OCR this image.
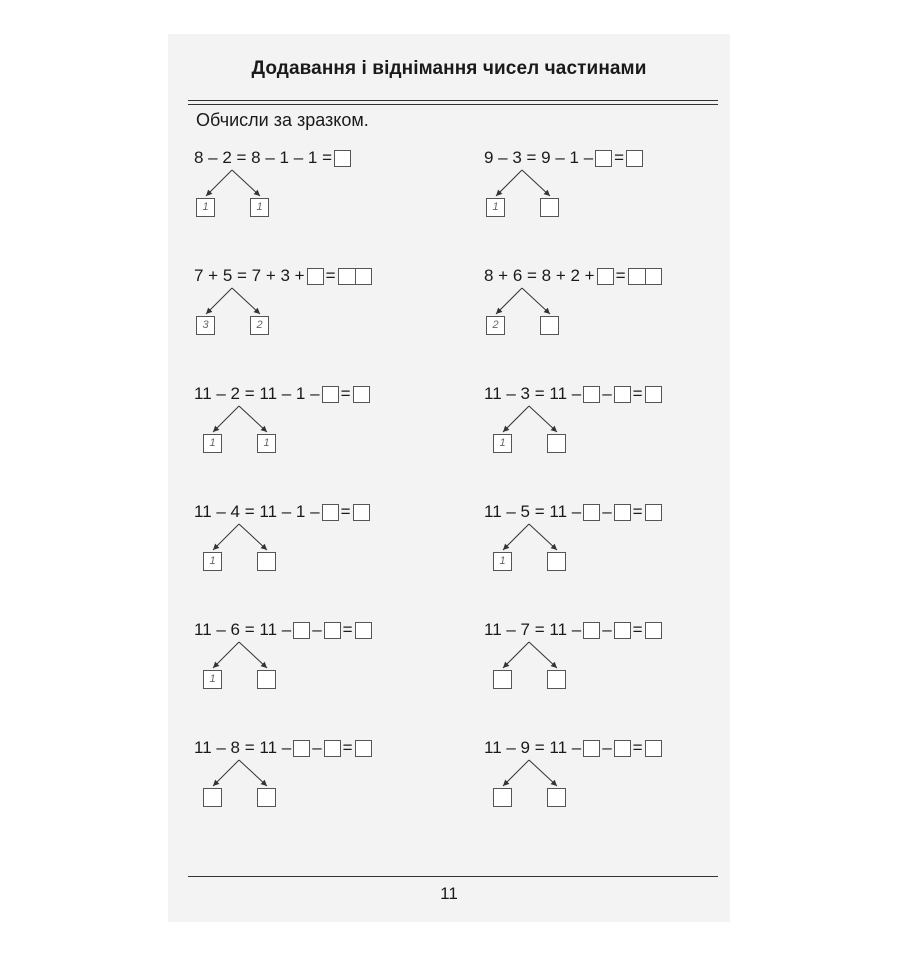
Додавання і віднімання чисел частинами
Обчисли за зразком.
8 – 2 = 8 – 1 – 1 =
1	1
9 – 3 = 9 – 1 – =
1
7 + 5 = 7 + 3 + =
3	2
8 + 6 = 8 + 2 + =
2
11 – 2 = 11 – 1 – =
1	1
11 – 3 = 11 – – =
1
11 – 4 = 11 – 1 – =
1
11 – 5 = 11 – – =
1
11 – 6 = 11 – – =
1
11 – 7 = 11 – – =
11 – 8 = 11 – – =	11 – 9 = 11 – – =
11
